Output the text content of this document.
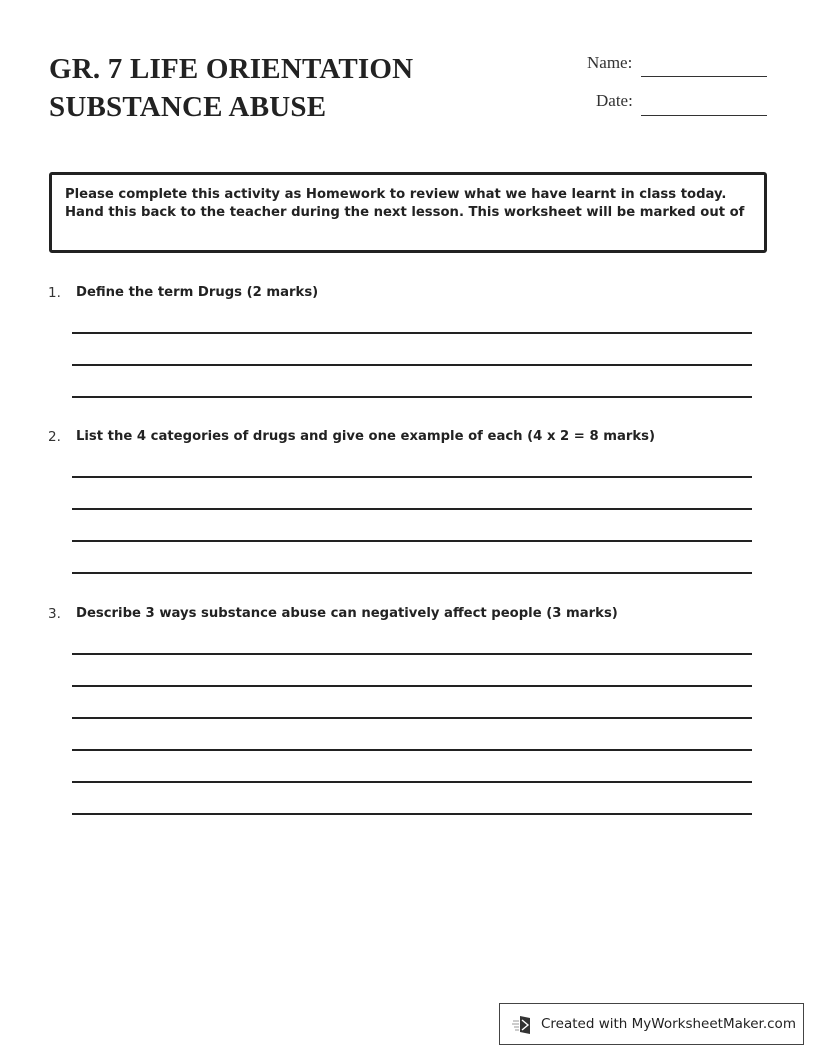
GR. 7 LIFE ORIENTATION
SUBSTANCE ABUSE
Name:
Date:
Please complete this activity as Homework to review what we have learnt in class today. Hand this back to the teacher during the next lesson. This worksheet will be marked out of
1. Define the term Drugs (2 marks)
2. List the 4 categories of drugs and give one example of each (4 x 2 = 8 marks)
3. Describe 3 ways substance abuse can negatively affect people (3 marks)
Created with MyWorksheetMaker.com
